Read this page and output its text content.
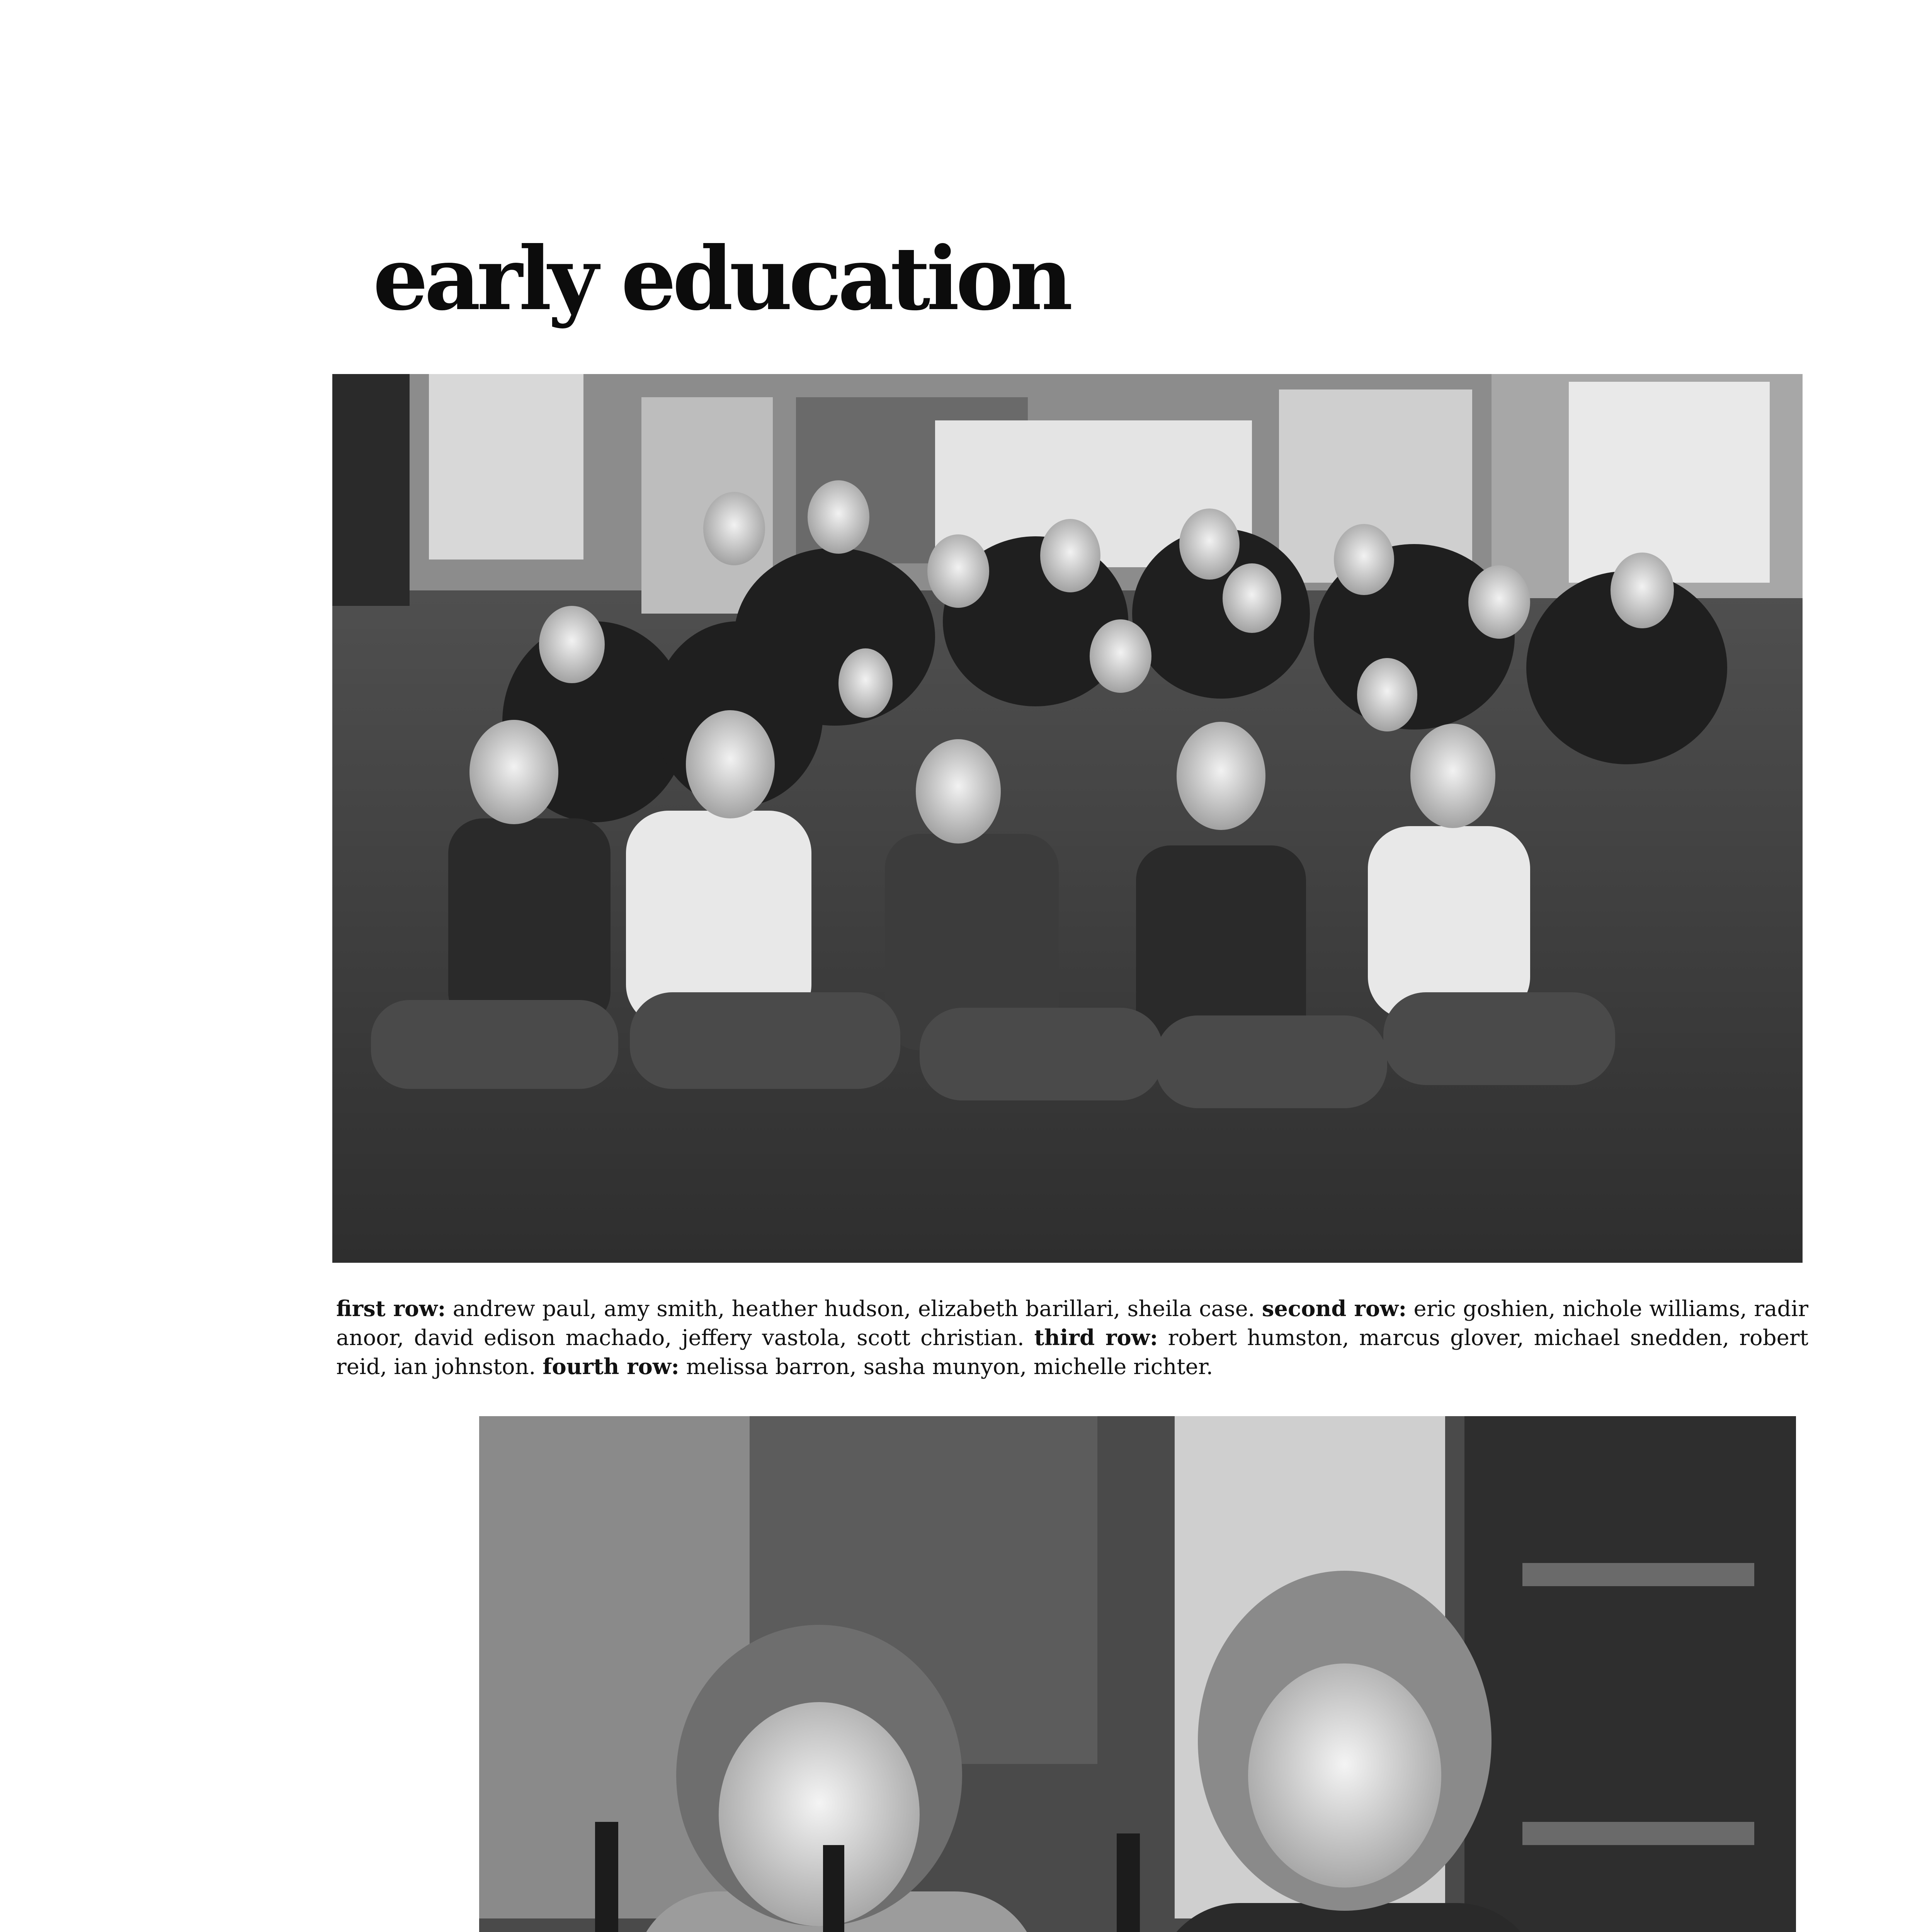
early education

first row: andrew paul, amy smith, heather hudson, elizabeth barillari, sheila case. second row: eric goshien, nichole williams, radir anoor, david edison machado, jeffery vastola, scott christian. third row: robert humston, marcus glover, michael snedden, robert reid, ian johnston. fourth row: melissa barron, sasha munyon, michelle richter.
